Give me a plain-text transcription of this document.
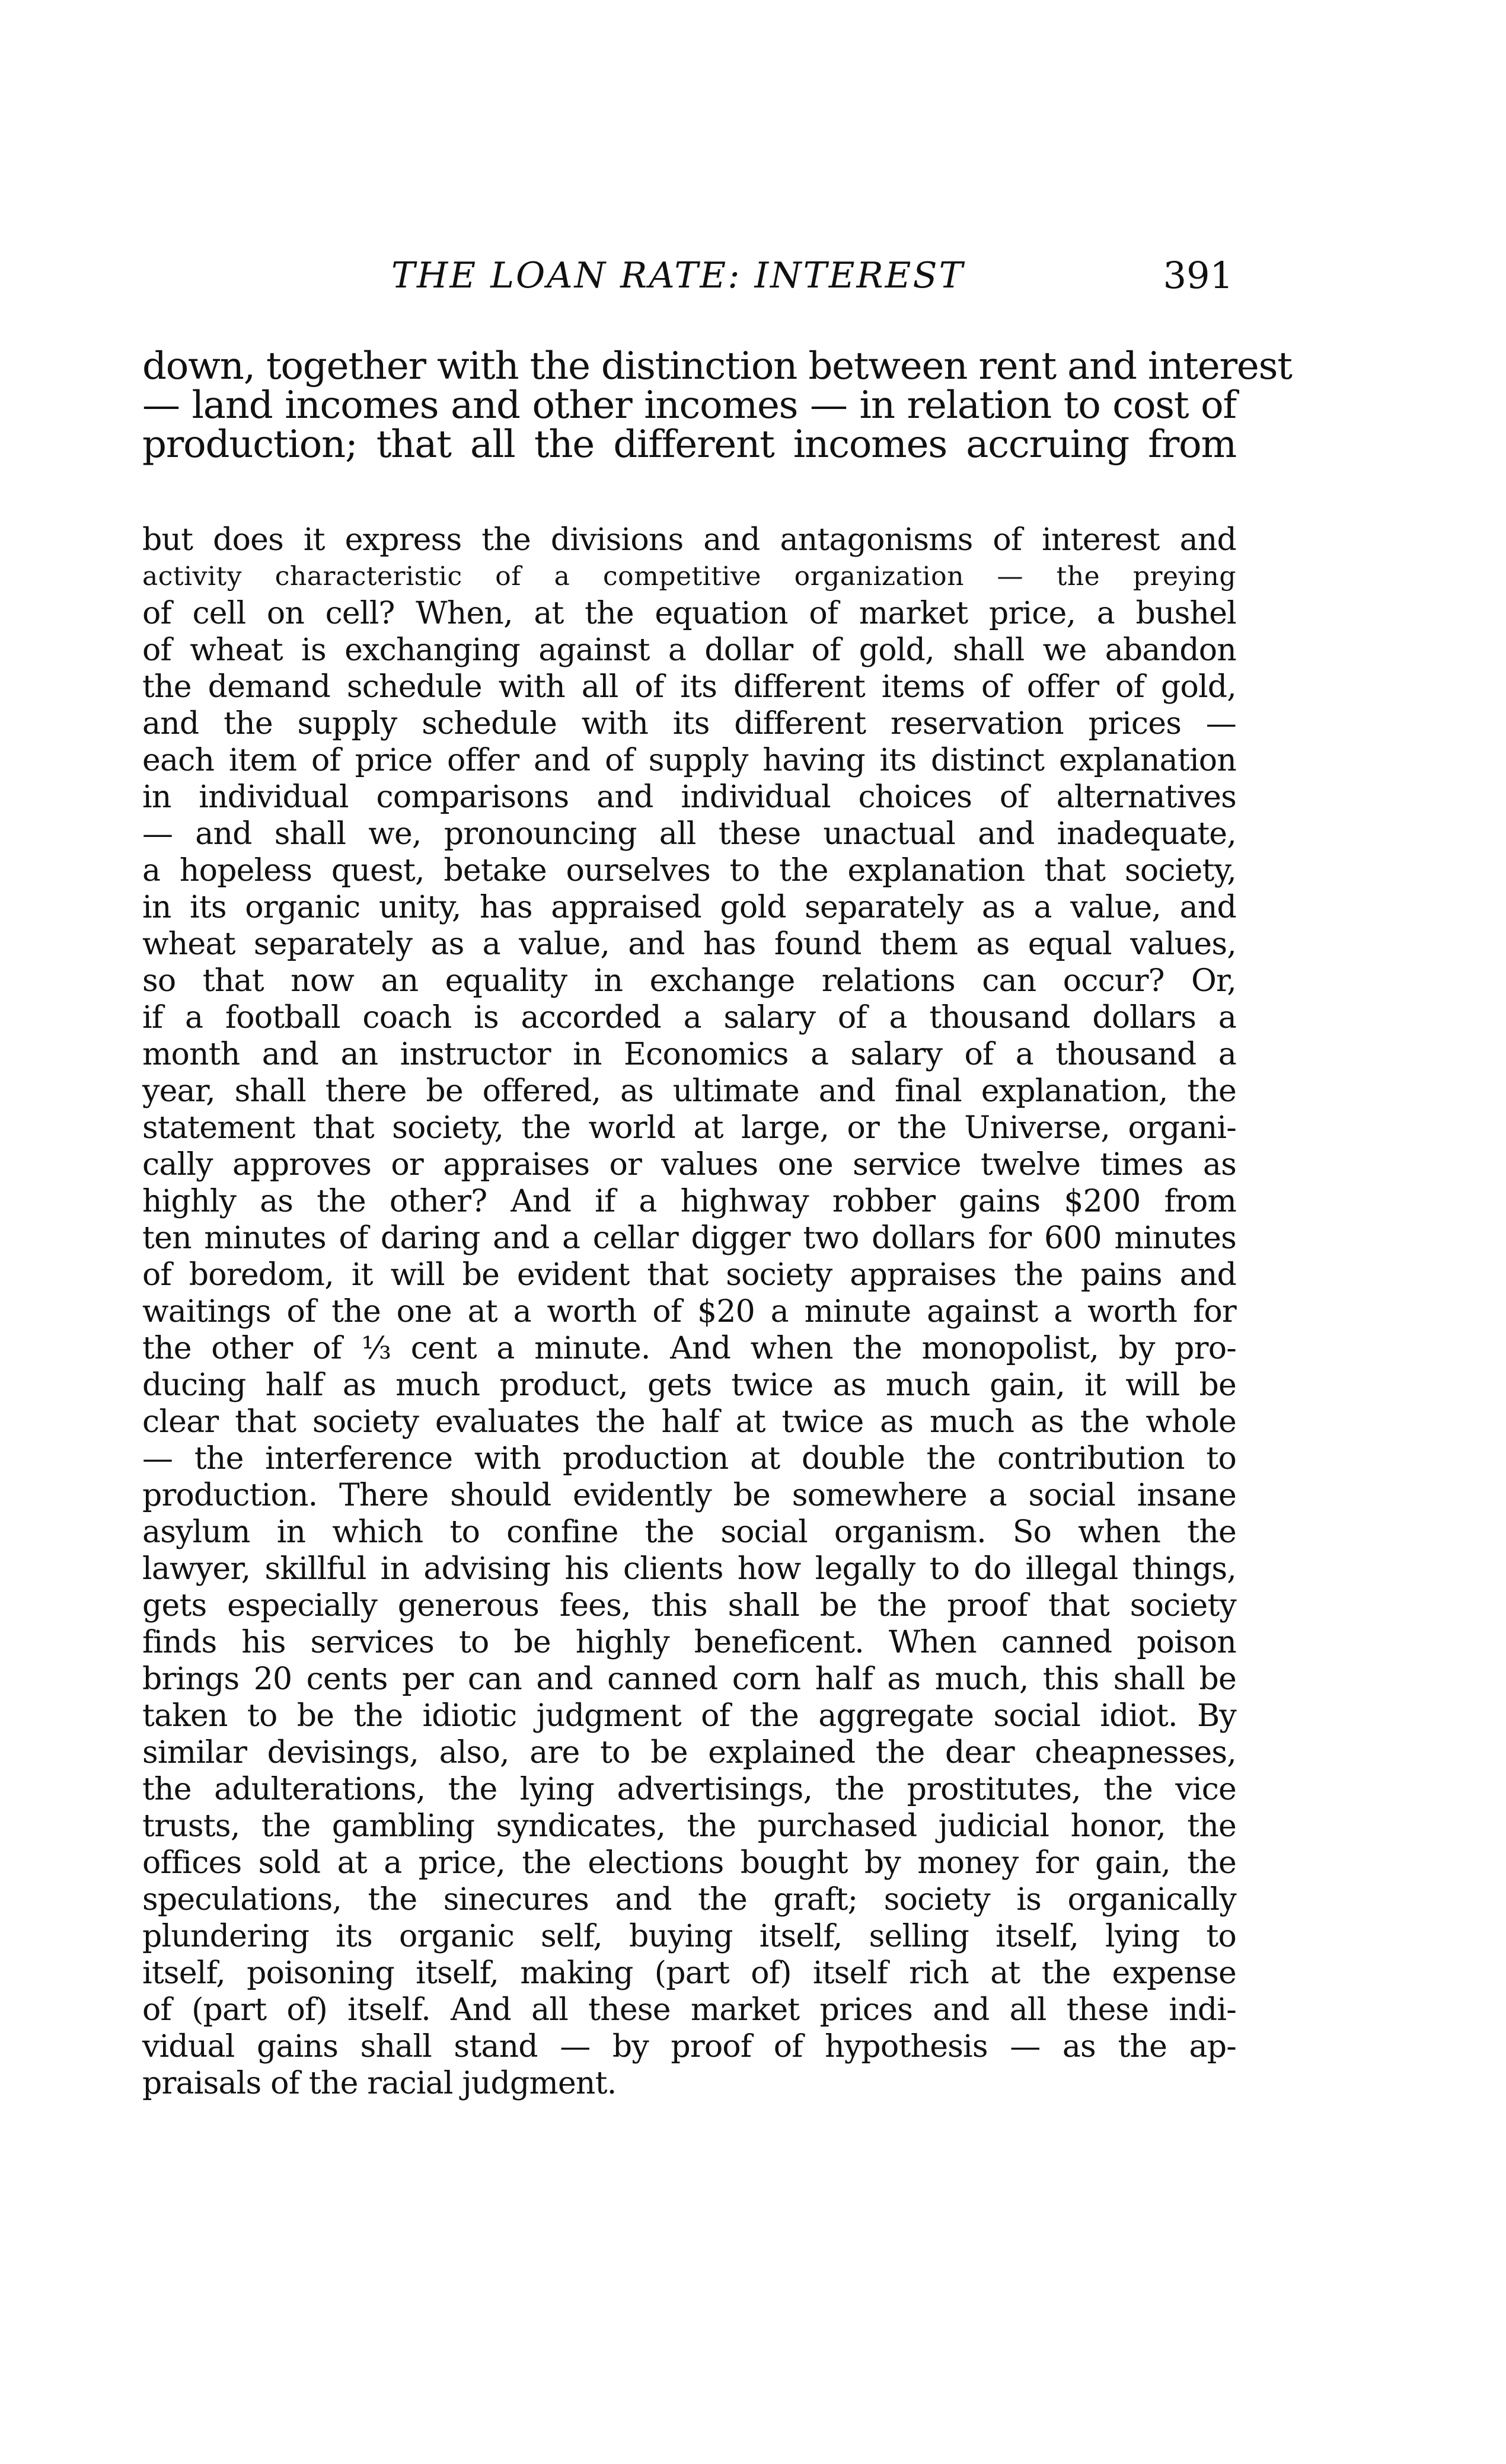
THE LOAN RATE: INTEREST	391
down, together with the distinction between rent and interest
— land incomes and other incomes — in relation to cost of
production; that all the different incomes accruing from
but does it express the divisions and antagonisms of interest and
activity characteristic of a competitive organization — the preying
of cell on cell? When, at the equation of market price, a bushel
of wheat is exchanging against a dollar of gold, shall we abandon
the demand schedule with all of its different items of offer of gold,
and the supply schedule with its different reservation prices —
each item of price offer and of supply having its distinct explanation
in individual comparisons and individual choices of alternatives
— and shall we, pronouncing all these unactual and inadequate,
a hopeless quest, betake ourselves to the explanation that society,
in its organic unity, has appraised gold separately as a value, and
wheat separately as a value, and has found them as equal values,
so that now an equality in exchange relations can occur? Or,
if a football coach is accorded a salary of a thousand dollars a
month and an instructor in Economics a salary of a thousand a
year, shall there be offered, as ultimate and final explanation, the
statement that society, the world at large, or the Universe, organi-
cally approves or appraises or values one service twelve times as
highly as the other? And if a highway robber gains $200 from
ten minutes of daring and a cellar digger two dollars for 600 minutes
of boredom, it will be evident that society appraises the pains and
waitings of the one at a worth of $20 a minute against a worth for
the other of ⅓ cent a minute. And when the monopolist, by pro-
ducing half as much product, gets twice as much gain, it will be
clear that society evaluates the half at twice as much as the whole
— the interference with production at double the contribution to
production. There should evidently be somewhere a social insane
asylum in which to confine the social organism. So when the
lawyer, skillful in advising his clients how legally to do illegal things,
gets especially generous fees, this shall be the proof that society
finds his services to be highly beneficent. When canned poison
brings 20 cents per can and canned corn half as much, this shall be
taken to be the idiotic judgment of the aggregate social idiot. By
similar devisings, also, are to be explained the dear cheapnesses,
the adulterations, the lying advertisings, the prostitutes, the vice
trusts, the gambling syndicates, the purchased judicial honor, the
offices sold at a price, the elections bought by money for gain, the
speculations, the sinecures and the graft; society is organically
plundering its organic self, buying itself, selling itself, lying to
itself, poisoning itself, making (part of) itself rich at the expense
of (part of) itself. And all these market prices and all these indi-
vidual gains shall stand — by proof of hypothesis — as the ap-
praisals of the racial judgment.
